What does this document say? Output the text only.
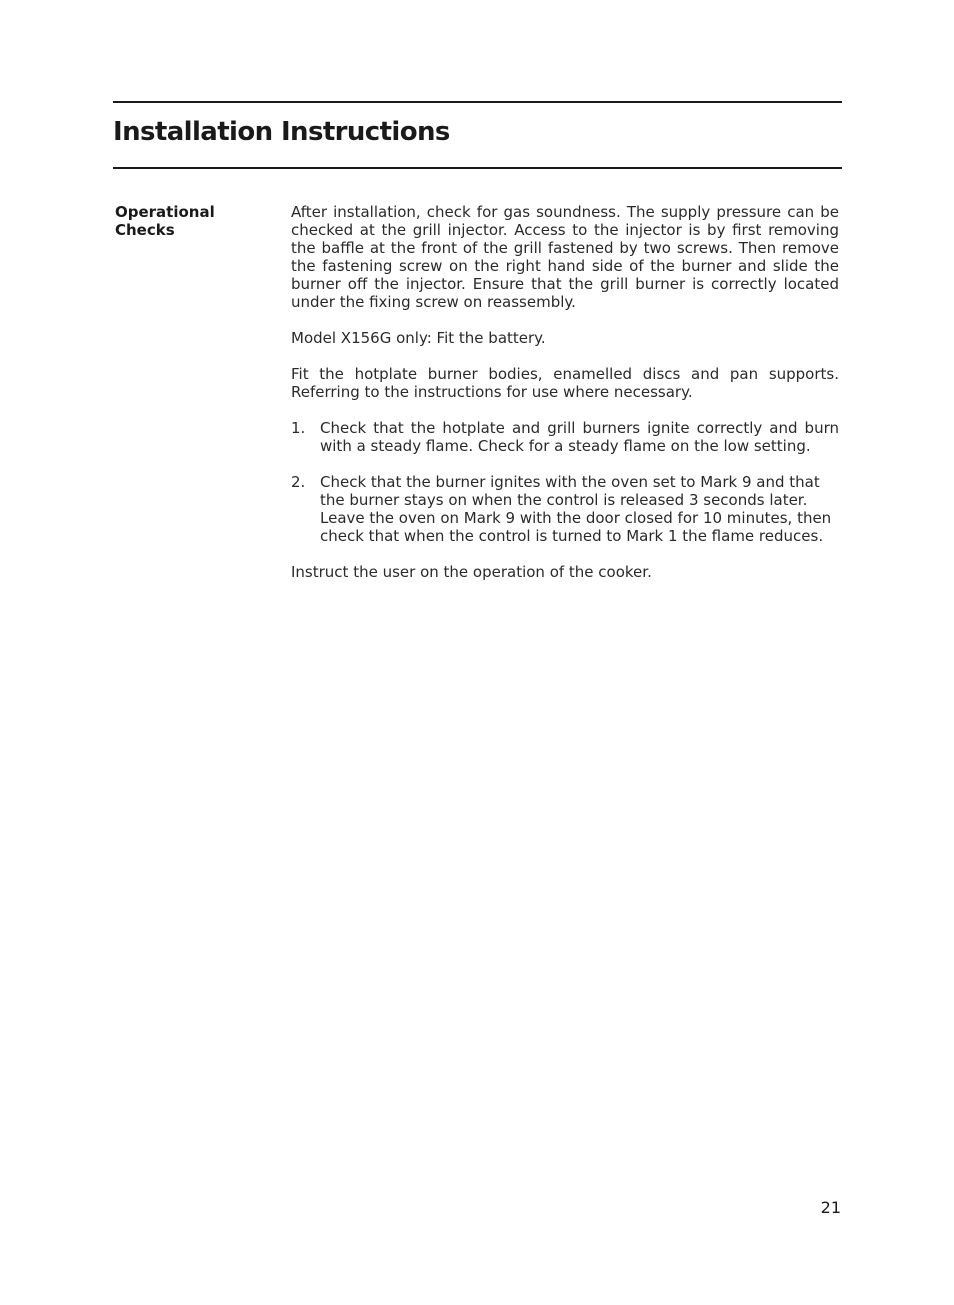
Installation Instructions
Operational
Checks

After installation, check for gas soundness. The supply pressure can be checked at the grill injector. Access to the injector is by first removing the baffle at the front of the grill fastened by two screws. Then remove the fastening screw on the right hand side of the burner and slide the burner off the injector. Ensure that the grill burner is correctly located under the fixing screw on reassembly.

Model X156G only: Fit the battery.

Fit the hotplate burner bodies, enamelled discs and pan supports. Referring to the instructions for use where necessary.

1. Check that the hotplate and grill burners ignite correctly and burn with a steady flame. Check for a steady flame on the low setting.
2. Check that the burner ignites with the oven set to Mark 9 and that the burner stays on when the control is released 3 seconds later. Leave the oven on Mark 9 with the door closed for 10 minutes, then check that when the control is turned to Mark 1 the flame reduces.

Instruct the user on the operation of the cooker.

21
